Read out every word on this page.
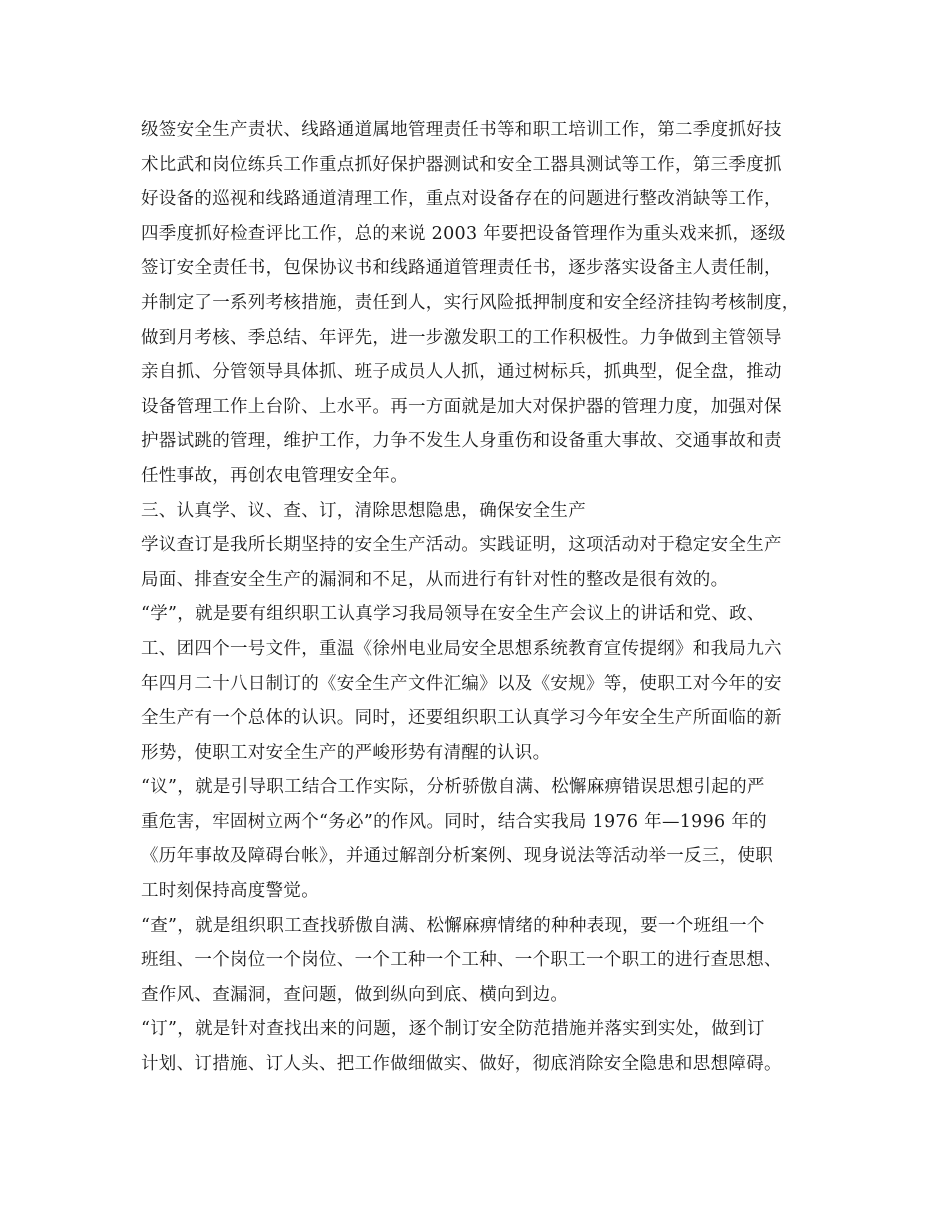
级签安全生产责状、线路通道属地管理责任书等和职工培训工作，第二季度抓好技
术比武和岗位练兵工作重点抓好保护器测试和安全工器具测试等工作，第三季度抓
好设备的巡视和线路通道清理工作，重点对设备存在的问题进行整改消缺等工作，
四季度抓好检查评比工作，总的来说 2003 年要把设备管理作为重头戏来抓，逐级
签订安全责任书，包保协议书和线路通道管理责任书，逐步落实设备主人责任制，
并制定了一系列考核措施，责任到人，实行风险抵押制度和安全经济挂钩考核制度，
做到月考核、季总结、年评先，进一步激发职工的工作积极性。力争做到主管领导
亲自抓、分管领导具体抓、班子成员人人抓，通过树标兵，抓典型，促全盘，推动
设备管理工作上台阶、上水平。再一方面就是加大对保护器的管理力度，加强对保
护器试跳的管理，维护工作，力争不发生人身重伤和设备重大事故、交通事故和责
任性事故，再创农电管理安全年。
三、认真学、议、查、订，清除思想隐患，确保安全生产
学议查订是我所长期坚持的安全生产活动。实践证明，这项活动对于稳定安全生产
局面、排查安全生产的漏洞和不足，从而进行有针对性的整改是很有效的。
“学”，就是要有组织职工认真学习我局领导在安全生产会议上的讲话和党、政、
工、团四个一号文件，重温《徐州电业局安全思想系统教育宣传提纲》和我局九六
年四月二十八日制订的《安全生产文件汇编》以及《安规》等，使职工对今年的安
全生产有一个总体的认识。同时，还要组织职工认真学习今年安全生产所面临的新
形势，使职工对安全生产的严峻形势有清醒的认识。
“议”，就是引导职工结合工作实际，分析骄傲自满、松懈麻痹错误思想引起的严
重危害，牢固树立两个“务必”的作风。同时，结合实我局 1976 年—1996 年的
《历年事故及障碍台帐》，并通过解剖分析案例、现身说法等活动举一反三，使职
工时刻保持高度警觉。
“查”，就是组织职工查找骄傲自满、松懈麻痹情绪的种种表现，要一个班组一个
班组、一个岗位一个岗位、一个工种一个工种、一个职工一个职工的进行查思想、
查作风、查漏洞，查问题，做到纵向到底、横向到边。
“订”，就是针对查找出来的问题，逐个制订安全防范措施并落实到实处，做到订
计划、订措施、订人头、把工作做细做实、做好，彻底消除安全隐患和思想障碍。
